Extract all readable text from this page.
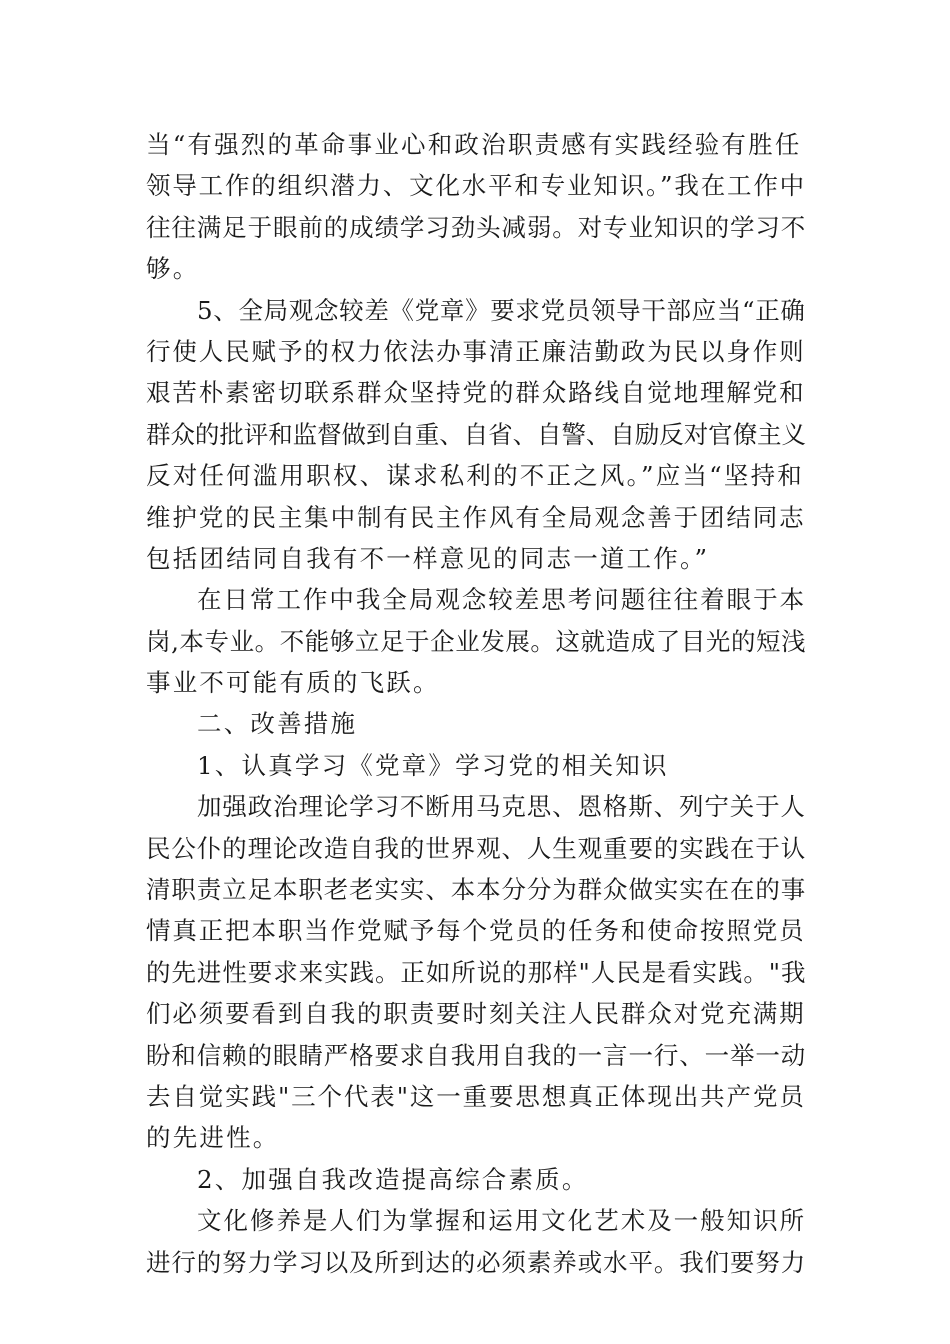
当“有强烈的革命事业心和政治职责感有实践经验有胜任
领导工作的组织潜力、文化水平和专业知识。”我在工作中
往往满足于眼前的成绩学习劲头减弱。对专业知识的学习不
够。
5、全局观念较差《党章》要求党员领导干部应当“正确
行使人民赋予的权力依法办事清正廉洁勤政为民以身作则
艰苦朴素密切联系群众坚持党的群众路线自觉地理解党和
群众的批评和监督做到自重、自省、自警、自励反对官僚主义
反对任何滥用职权、谋求私利的不正之风。”应当“坚持和
维护党的民主集中制有民主作风有全局观念善于团结同志
包括团结同自我有不一样意见的同志一道工作。”
在日常工作中我全局观念较差思考问题往往着眼于本
岗,本专业。不能够立足于企业发展。这就造成了目光的短浅
事业不可能有质的飞跃。
二、改善措施
1、认真学习《党章》学习党的相关知识
加强政治理论学习不断用马克思、恩格斯、列宁关于人
民公仆的理论改造自我的世界观、人生观重要的实践在于认
清职责立足本职老老实实、本本分分为群众做实实在在的事
情真正把本职当作党赋予每个党员的任务和使命按照党员
的先进性要求来实践。正如所说的那样"人民是看实践。"我
们必须要看到自我的职责要时刻关注人民群众对党充满期
盼和信赖的眼睛严格要求自我用自我的一言一行、一举一动
去自觉实践"三个代表"这一重要思想真正体现出共产党员
的先进性。
2、加强自我改造提高综合素质。
文化修养是人们为掌握和运用文化艺术及一般知识所
进行的努力学习以及所到达的必须素养或水平。我们要努力
